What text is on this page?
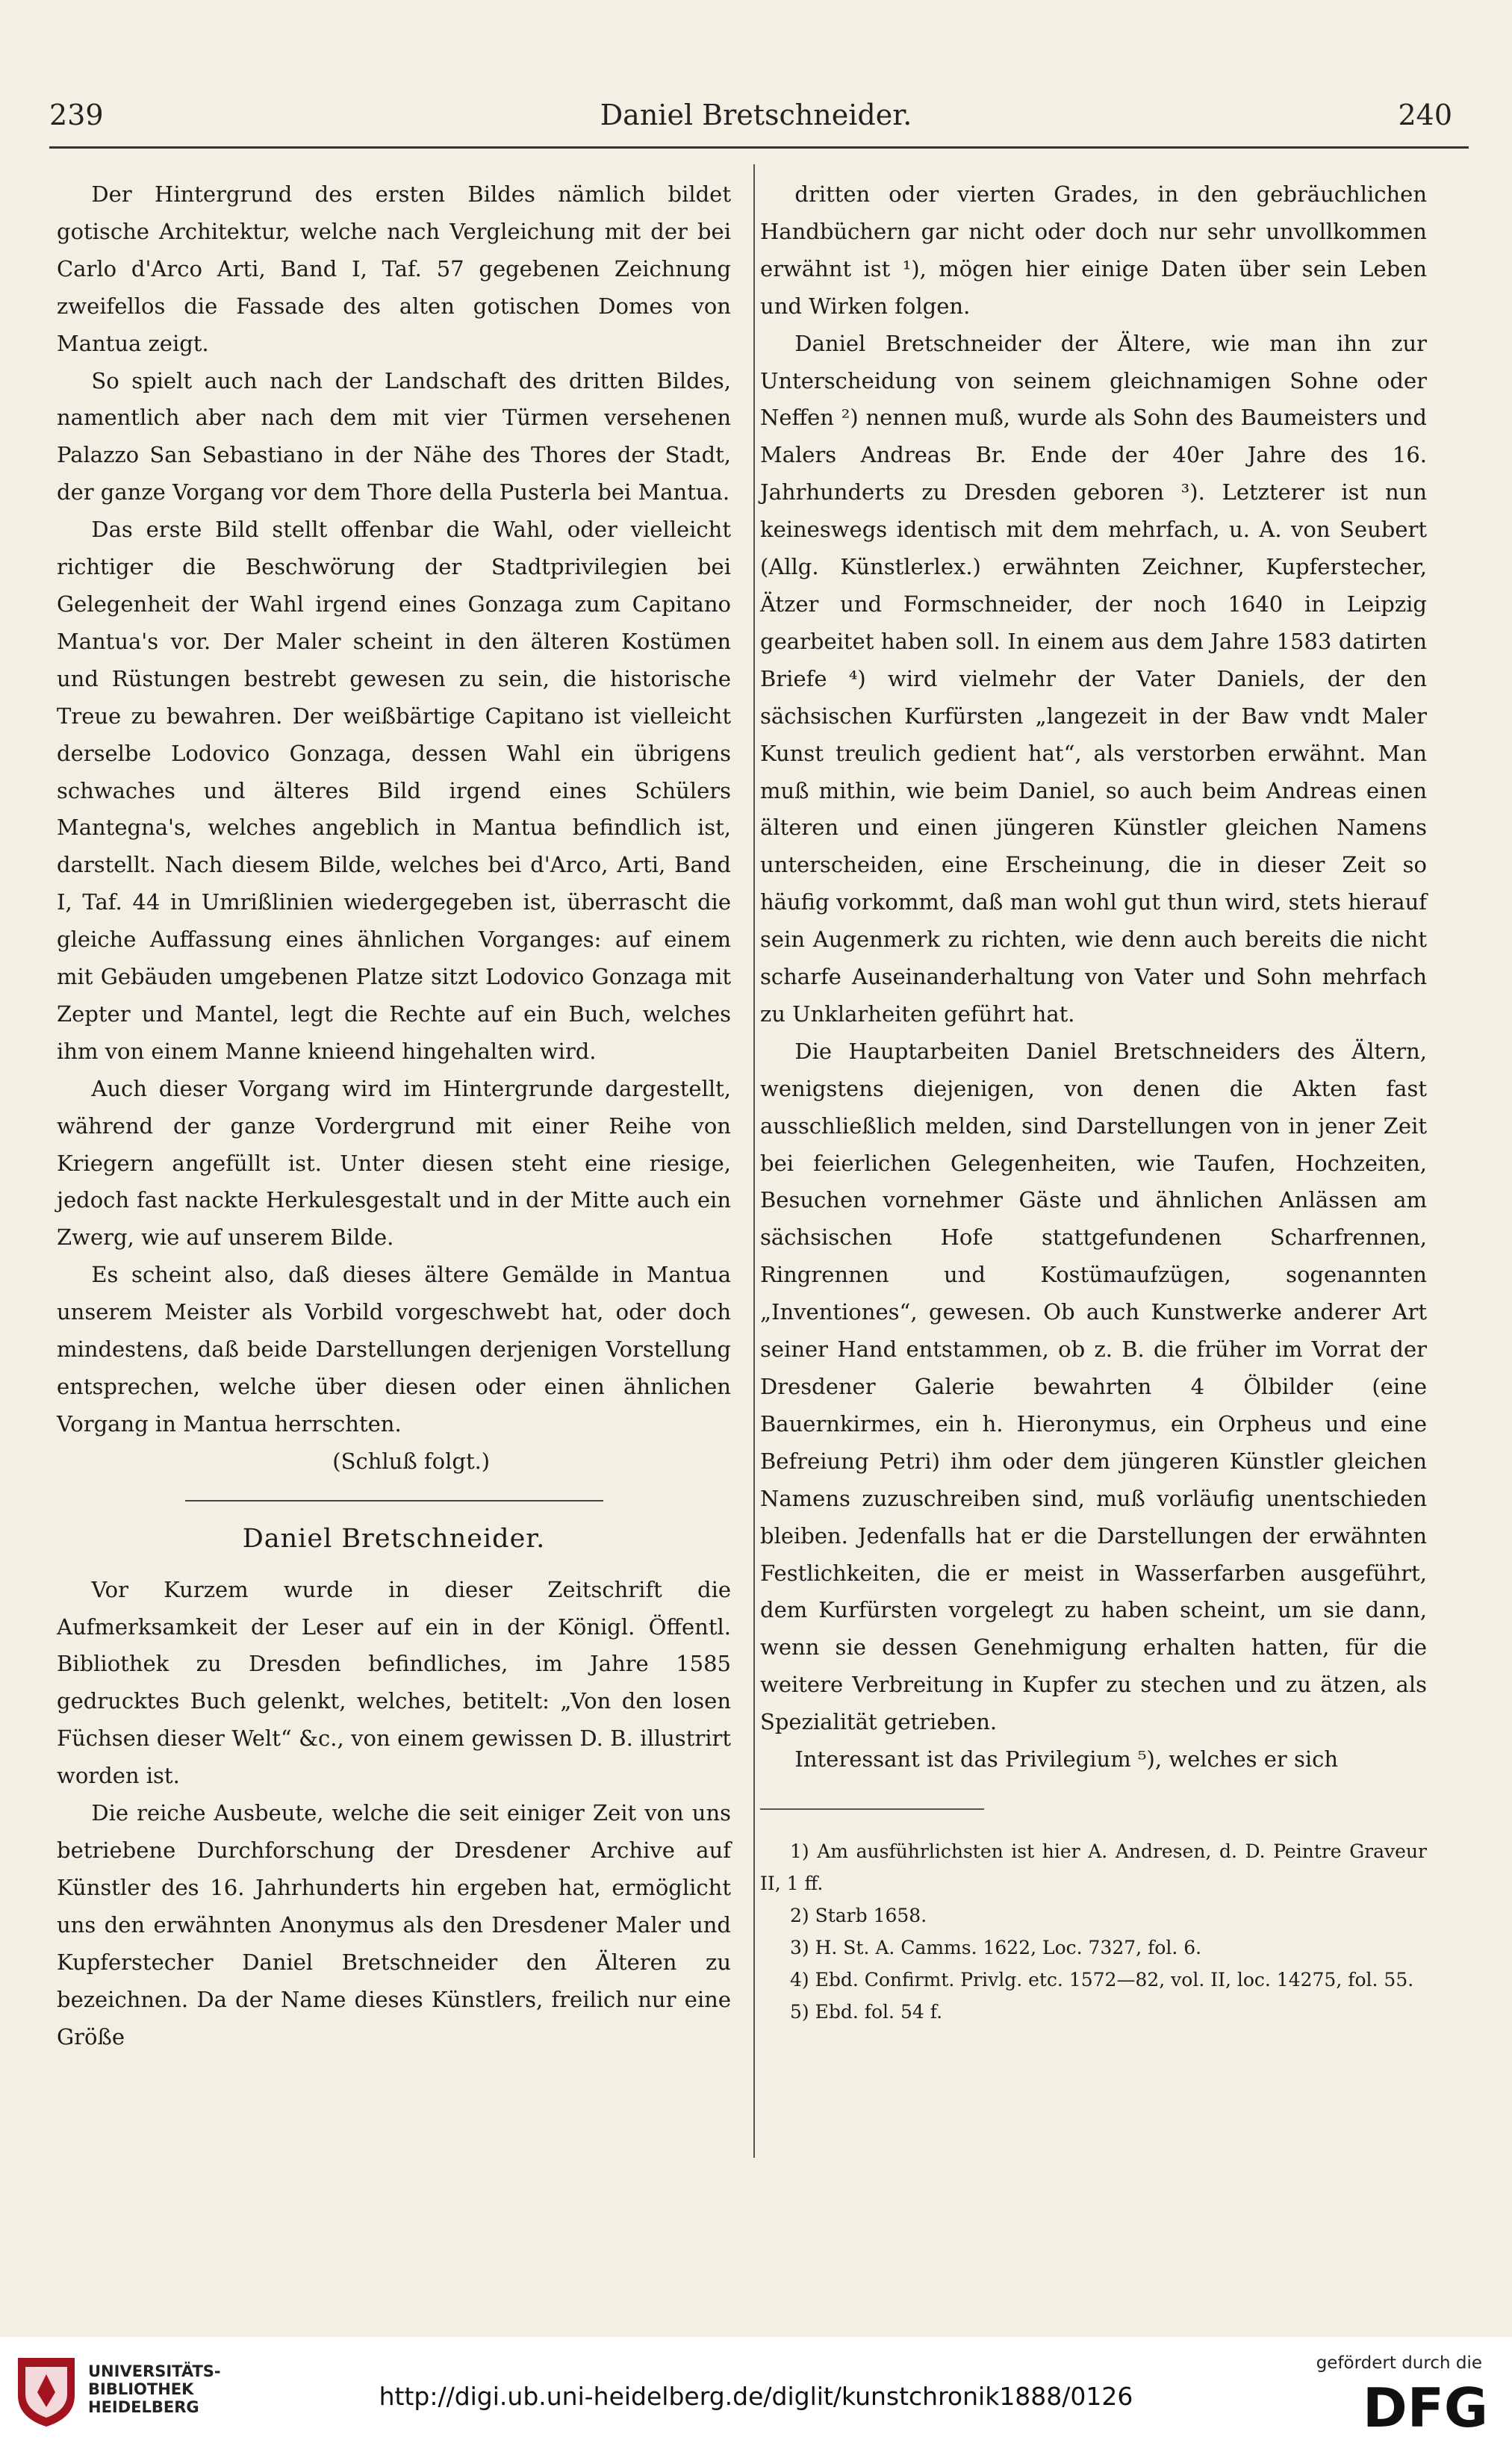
239	Daniel Bretschneider.	240

Der Hintergrund des ersten Bildes nämlich bildet gotische Architektur, welche nach Vergleichung mit der bei Carlo d'Arco Arti, Band I, Taf. 57 gegebenen Zeichnung zweifellos die Fassade des alten gotischen Domes von Mantua zeigt.

So spielt auch nach der Landschaft des dritten Bildes, namentlich aber nach dem mit vier Türmen versehenen Palazzo San Sebastiano in der Nähe des Thores der Stadt, der ganze Vorgang vor dem Thore della Pusterla bei Mantua.

Das erste Bild stellt offenbar die Wahl, oder vielleicht richtiger die Beschwörung der Stadtprivilegien bei Gelegenheit der Wahl irgend eines Gonzaga zum Capitano Mantua's vor. Der Maler scheint in den älteren Kostümen und Rüstungen bestrebt gewesen zu sein, die historische Treue zu bewahren. Der weißbärtige Capitano ist vielleicht derselbe Lodovico Gonzaga, dessen Wahl ein übrigens schwaches und älteres Bild irgend eines Schülers Mantegna's, welches angeblich in Mantua befindlich ist, darstellt. Nach diesem Bilde, welches bei d'Arco, Arti, Band I, Taf. 44 in Umrißlinien wiedergegeben ist, überrascht die gleiche Auffassung eines ähnlichen Vorganges: auf einem mit Gebäuden umgebenen Platze sitzt Lodovico Gonzaga mit Zepter und Mantel, legt die Rechte auf ein Buch, welches ihm von einem Manne knieend hingehalten wird.

Auch dieser Vorgang wird im Hintergrunde dargestellt, während der ganze Vordergrund mit einer Reihe von Kriegern angefüllt ist. Unter diesen steht eine riesige, jedoch fast nackte Herkulesgestalt und in der Mitte auch ein Zwerg, wie auf unserem Bilde.

Es scheint also, daß dieses ältere Gemälde in Mantua unserem Meister als Vorbild vorgeschwebt hat, oder doch mindestens, daß beide Darstellungen derjenigen Vorstellung entsprechen, welche über diesen oder einen ähnlichen Vorgang in Mantua herrschten.

(Schluß folgt.)

Daniel Bretschneider.

Vor Kurzem wurde in dieser Zeitschrift die Aufmerksamkeit der Leser auf ein in der Königl. Öffentl. Bibliothek zu Dresden befindliches, im Jahre 1585 gedrucktes Buch gelenkt, welches, betitelt: „Von den losen Füchsen dieser Welt“ &c., von einem gewissen D. B. illustrirt worden ist.

Die reiche Ausbeute, welche die seit einiger Zeit von uns betriebene Durchforschung der Dresdener Archive auf Künstler des 16. Jahrhunderts hin ergeben hat, ermöglicht uns den erwähnten Anonymus als den Dresdener Maler und Kupferstecher Daniel Bretschneider den Älteren zu bezeichnen. Da der Name dieses Künstlers, freilich nur eine Größe

dritten oder vierten Grades, in den gebräuchlichen Handbüchern gar nicht oder doch nur sehr unvollkommen erwähnt ist ¹), mögen hier einige Daten über sein Leben und Wirken folgen.

Daniel Bretschneider der Ältere, wie man ihn zur Unterscheidung von seinem gleichnamigen Sohne oder Neffen ²) nennen muß, wurde als Sohn des Baumeisters und Malers Andreas Br. Ende der 40er Jahre des 16. Jahrhunderts zu Dresden geboren ³). Letzterer ist nun keineswegs identisch mit dem mehrfach, u. A. von Seubert (Allg. Künstlerlex.) erwähnten Zeichner, Kupferstecher, Ätzer und Formschneider, der noch 1640 in Leipzig gearbeitet haben soll. In einem aus dem Jahre 1583 datirten Briefe ⁴) wird vielmehr der Vater Daniels, der den sächsischen Kurfürsten „langezeit in der Baw vndt Maler Kunst treulich gedient hat“, als verstorben erwähnt. Man muß mithin, wie beim Daniel, so auch beim Andreas einen älteren und einen jüngeren Künstler gleichen Namens unterscheiden, eine Erscheinung, die in dieser Zeit so häufig vorkommt, daß man wohl gut thun wird, stets hierauf sein Augenmerk zu richten, wie denn auch bereits die nicht scharfe Auseinanderhaltung von Vater und Sohn mehrfach zu Unklarheiten geführt hat.

Die Hauptarbeiten Daniel Bretschneiders des Ältern, wenigstens diejenigen, von denen die Akten fast ausschließlich melden, sind Darstellungen von in jener Zeit bei feierlichen Gelegenheiten, wie Taufen, Hochzeiten, Besuchen vornehmer Gäste und ähnlichen Anlässen am sächsischen Hofe stattgefundenen Scharfrennen, Ringrennen und Kostümaufzügen, sogenannten „Inventiones“, gewesen. Ob auch Kunstwerke anderer Art seiner Hand entstammen, ob z. B. die früher im Vorrat der Dresdener Galerie bewahrten 4 Ölbilder (eine Bauernkirmes, ein h. Hieronymus, ein Orpheus und eine Befreiung Petri) ihm oder dem jüngeren Künstler gleichen Namens zuzuschreiben sind, muß vorläufig unentschieden bleiben. Jedenfalls hat er die Darstellungen der erwähnten Festlichkeiten, die er meist in Wasserfarben ausgeführt, dem Kurfürsten vorgelegt zu haben scheint, um sie dann, wenn sie dessen Genehmigung erhalten hatten, für die weitere Verbreitung in Kupfer zu stechen und zu ätzen, als Spezialität getrieben.

Interessant ist das Privilegium ⁵), welches er sich

1) Am ausführlichsten ist hier A. Andresen, d. D. Peintre Graveur II, 1 ff.

2) Starb 1658.

3) H. St. A. Camms. 1622, Loc. 7327, fol. 6.

4) Ebd. Confirmt. Privlg. etc. 1572—82, vol. II, loc. 14275, fol. 55.

5) Ebd. fol. 54 f.

UNIVERSITÄTS-
BIBLIOTHEK
HEIDELBERG	http://digi.ub.uni-heidelberg.de/diglit/kunstchronik1888/0126
gefördert durch die
DFG
